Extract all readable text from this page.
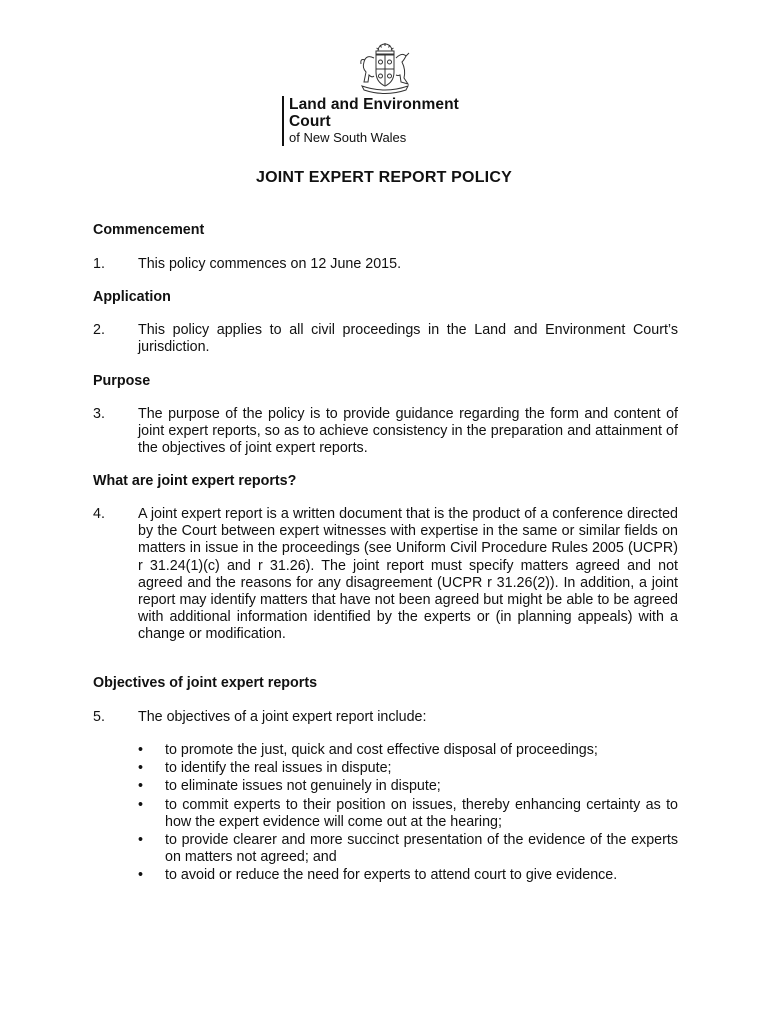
Land and Environment
Court
of New South Wales
JOINT EXPERT REPORT POLICY
Commencement
1. This policy commences on 12 June 2015.
Application
2. This policy applies to all civil proceedings in the Land and Environment Court’s jurisdiction.
Purpose
3. The purpose of the policy is to provide guidance regarding the form and content of joint expert reports, so as to achieve consistency in the preparation and attainment of the objectives of joint expert reports.
What are joint expert reports?
4. A joint expert report is a written document that is the product of a conference directed by the Court between expert witnesses with expertise in the same or similar fields on matters in issue in the proceedings (see Uniform Civil Procedure Rules 2005 (UCPR) r 31.24(1)(c) and r 31.26). The joint report must specify matters agreed and not agreed and the reasons for any disagreement (UCPR r 31.26(2)). In addition, a joint report may identify matters that have not been agreed but might be able to be agreed with additional information identified by the experts or (in planning appeals) with a change or modification.
Objectives of joint expert reports
5. The objectives of a joint expert report include:
• to promote the just, quick and cost effective disposal of proceedings;
• to identify the real issues in dispute;
• to eliminate issues not genuinely in dispute;
• to commit experts to their position on issues, thereby enhancing certainty as to how the expert evidence will come out at the hearing;
• to provide clearer and more succinct presentation of the evidence of the experts on matters not agreed; and
• to avoid or reduce the need for experts to attend court to give evidence.
